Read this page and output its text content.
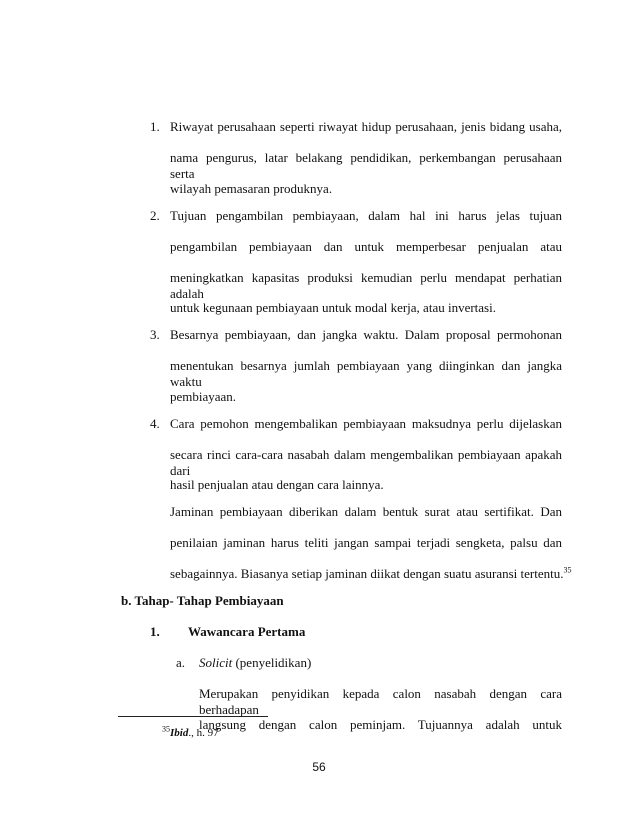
1. Riwayat perusahaan seperti riwayat hidup perusahaan, jenis bidang usaha,
nama pengurus, latar belakang pendidikan, perkembangan perusahaan serta
wilayah pemasaran produknya.
2. Tujuan pengambilan pembiayaan, dalam hal ini harus jelas tujuan
pengambilan pembiayaan dan untuk memperbesar penjualan atau
meningkatkan kapasitas produksi kemudian perlu mendapat perhatian adalah
untuk kegunaan pembiayaan untuk modal kerja, atau invertasi.
3. Besarnya pembiayaan, dan jangka waktu. Dalam proposal permohonan
menentukan besarnya jumlah pembiayaan yang diinginkan dan jangka waktu
pembiayaan.
4. Cara pemohon mengembalikan pembiayaan maksudnya perlu dijelaskan
secara rinci cara-cara nasabah dalam mengembalikan pembiayaan apakah dari
hasil penjualan atau dengan cara lainnya.
Jaminan pembiayaan diberikan dalam bentuk surat atau sertifikat. Dan
penilaian jaminan harus teliti jangan sampai terjadi sengketa, palsu dan
sebagainnya. Biasanya setiap jaminan diikat dengan suatu asuransi tertentu.$^{35}$
b. Tahap- Tahap Pembiayaan
1. Wawancara Pertama
a. Solicit (penyelidikan)
Merupakan penyidikan kepada calon nasabah dengan cara berhadapan
langsung dengan calon peminjam. Tujuannya adalah untuk
$^{35}$Ibid., h. 97
56
